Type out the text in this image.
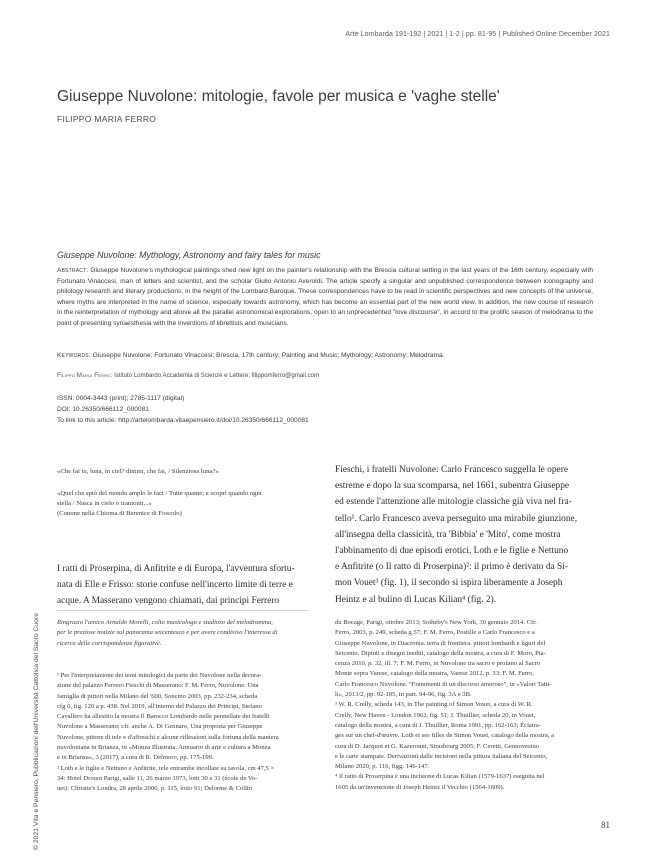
Arte Lombarda 191-192 | 2021 | 1-2 | pp. 81-95 | Published Online December 2021
Giuseppe Nuvolone: mitologie, favole per musica e 'vaghe stelle'
FILIPPO MARIA FERRO
Giuseppe Nuvolone: Mythology, Astronomy and fairy tales for music
Abstract: Giuseppe Nuvolone's mythological paintings shed new light on the painter's relationship with the Brescia cultural setting in the last years of the 16th century, especially with Fortunato Vinaccesi, man of letters and scientist, and the scholar Giulio Antonio Averoldi. The article specify a singular and unpublished correspondence between iconography and philology research and literary productions, in the height of the Lombard Baroque. These correspondences have to be read in scientific perspectives and new concepts of the universe, where myths are interpreted in the name of science, especially towards astronomy, which has become an essential part of the new world view. In addition, the new course of research in the reinterpretation of mythology and above all the parallel astronomical explorations, open to an unprecedented "love discourse", in accord to the prolific season of melodrama to the point of presenting synaesthesia with the inventions of librettists and musicians.
Keywords: Giuseppe Nuvolone; Fortunato Vinaccesi; Brescia, 17th century; Painting and Music; Mythology; Astronomy; Melodrama.
Filippo Maria Ferro: Istituto Lombardo Accademia di Scienze e Lettere; filippomferro@gmail.com
ISSN: 0004-3443 (print); 2785-1117 (digital)
DOI: 10.26350/666112_000081
To link to this article: http://artelombarda.vitaepensiero.it/doi/10.26350/666112_000081
«Che fai tu, luna, in ciel? dimmi, che fai, / Silenziosa luna?»
«Quel che spiò del mondo amplo le faci / Tutte quante; e scoprì quando ogni
stella / Nasca in cielo o tramonti...»
(Conone nella Chioma di Berenice di Foscolo)
I ratti di Proserpina, di Anfitrite e di Europa, l'avventura sfortu-
nata di Elle e Frisso: storie confuse nell'incerto limite di terre e
acque. A Masserano vengono chiamati, dai principi Ferrero
Fieschi, i fratelli Nuvolone: Carlo Francesco suggella le opere
estreme e dopo la sua scomparsa, nel 1661, subentra Giuseppe
ed estende l'attenzione alle mitologie classiche già viva nel fra-
tello¹. Carlo Francesco aveva perseguito una mirabile giunzione,
all'insegna della classicità, tra 'Bibbia' e 'Mito', come mostra
l'abbinamento di due episodi erotici, Loth e le figlie e Nettuno
e Anfitrite (o Il ratto di Proserpina)²: il primo è derivato da Si-
mon Vouet³ (fig. 1), il secondo si ispira liberamente a Joseph
Heintz e al bulino di Lucas Kilian⁴ (fig. 2).
Ringrazio l'amico Arnaldo Morelli, colto musicologo e studioso del melodramma,
per le preziose notizie sul panorama seicentesco e per avere condiviso l'interesse di
ricerca delle corrispondenze figurative.
¹ Per l'interpretazione dei temi mitologici da parte dei Nuvolone nella decora-
zione del palazzo Ferrero Fieschi di Masserano: F. M. Ferro, Nuvolone. Una
famiglia di pittori nella Milano del '600, Soncino 2003, pp. 232-234, scheda
cfg 6, fig. 120 a p. 438. Nel 2019, all'interno del Palazzo dei Principi, Stefano
Cavallero ha allestito la mostra Il Barocco Lombardo nelle pennellate dei fratelli
Nuvolone a Masserano; cfr. anche A. Di Gennaro, Una proposta per Giuseppe
Nuvolone, pittore di tele e d'affreschi e alcune riflessioni sulla fortuna della maniera
nuvoloniana in Brianza, in «Monza Illustrata. Annuario di arte e cultura a Monza
e in Brianza», 3 (2017), a cura di R. Delmoro, pp. 175-199.
² Loth e le figlie e Nettuno e Anfitrite, tele entrambe incollate su tavola, cm 47,5 ×
34: Hotel Drouot Parigi, salle 11, 26 marzo 1973, lotti 30 e 31 (école de Vo-
uet): Christie's Londra, 28 aprile 2006, p. 115, lotto 91; Delorme & Collin
du Bocage, Parigi, ottobre 2013; Sotheby's New York, 30 gennaio 2014. Cfr.
Ferro, 2003, p. 249, scheda g 57; F. M. Ferro, Postille a Carlo Francesco e a
Giuseppe Nuvolone, in Diacronia. terra di frontiera. pittori lombardi e liguri del
Seicento. Dipinti e disegni inediti, catalogo della mostra, a cura di F. Moro, Pia-
cenza 2010, p. 32, ill. 7; F. M. Ferro, in Nuvolone tra sacro e profano al Sacro
Monte sopra Varese, catalogo della mostra, Varese 2012, p. 33; F. M. Ferro,
Carlo Francesco Nuvolone. "Frammenti di un discorso amoroso", in «Valori Tatti-
li», 2013/2, pp. 92-105, in part. 94-96, fig. 3A e 3B.
³ W. R. Crelly, scheda 143, in The painting of Simon Vouet, a cura di W. R.
Crelly, New Haven - London 1962, fig. 51; J. Thuillier, scheda 20, in Vouet,
catalogo della mostra, a cura di J. Thuillier, Roma 1991, pp. 162-163; Éclaira-
ges sur un chef-d'œuvre. Loth et ses filles de Simon Vouet, catalogo della mostra, a
cura di D. Jacquot et G. Kazerouni, Strasbourg 2005; F. Ceretti, Gennovesino
e le carte stampate. Derivazioni dalle incisioni nella pittura italiana del Seicento,
Milano 2020, p. 116, figg. 146-147.
⁴ Il ratto di Proserpina è una incisione di Lucas Kilian (1579-1637) eseguita nel
1605 da un'invenzione di Joseph Heintz il Vecchio (1564-1609).
© 2021 Vita e Pensiero, Pubblicazioni dell'Università Cattolica del Sacro Cuore	81
